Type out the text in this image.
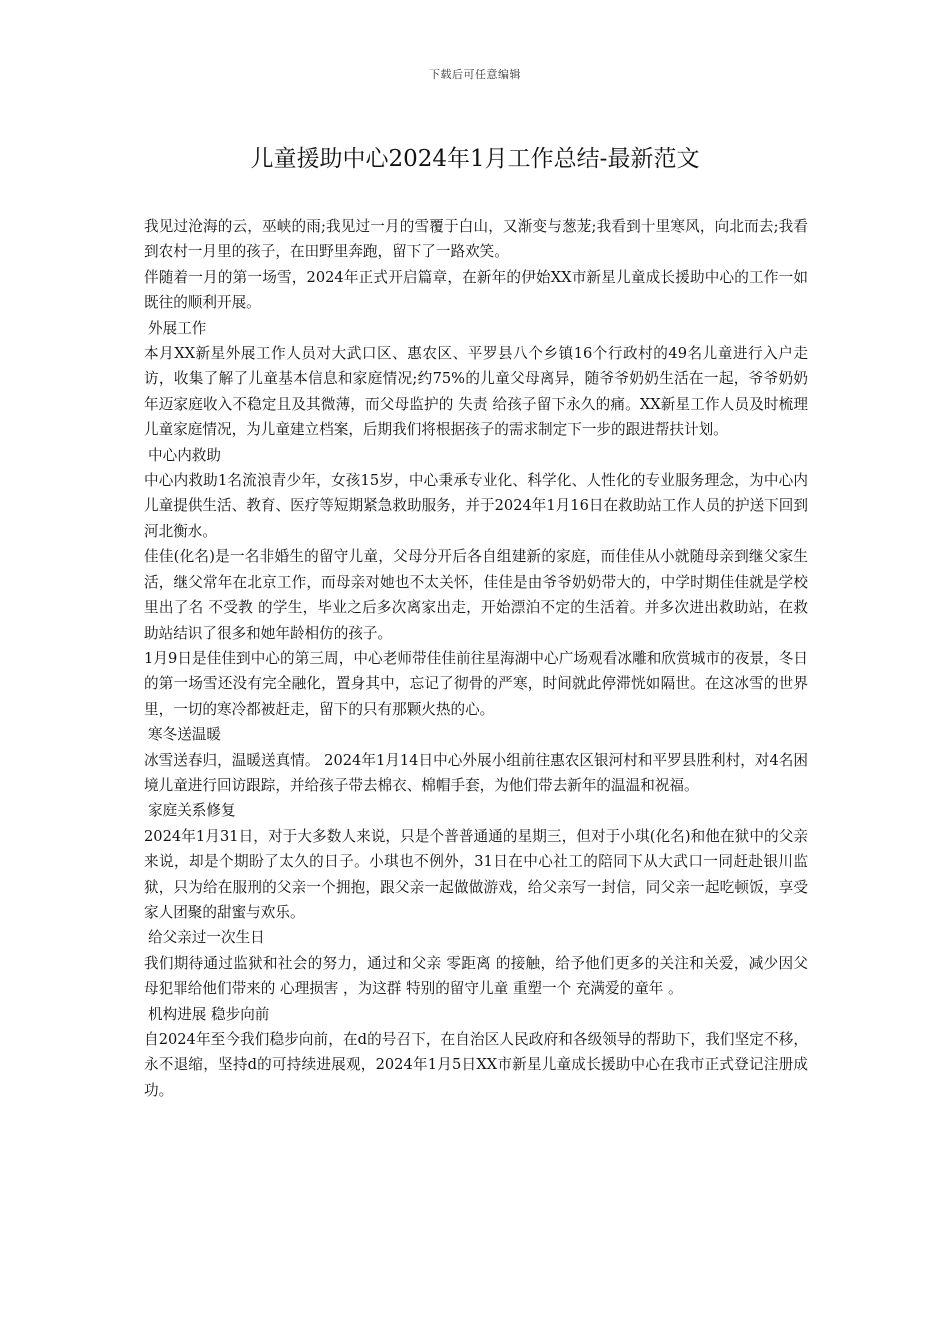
下载后可任意编辑
儿童援助中心2024年1月工作总结-最新范文

我见过沧海的云，巫峡的雨;我见过一月的雪覆于白山，又渐变与葱茏;我看到十里寒风，向北而去;我看到农村一月里的孩子，在田野里奔跑，留下了一路欢笑。

伴随着一月的第一场雪，2024年正式开启篇章，在新年的伊始XX市新星儿童成长援助中心的工作一如既往的顺利开展。

外展工作

本月XX新星外展工作人员对大武口区、惠农区、平罗县八个乡镇16个行政村的49名儿童进行入户走访，收集了解了儿童基本信息和家庭情况;约75%的儿童父母离异，随爷爷奶奶生活在一起，爷爷奶奶年迈家庭收入不稳定且及其微薄，而父母监护的 失责 给孩子留下永久的痛。XX新星工作人员及时梳理儿童家庭情况，为儿童建立档案，后期我们将根据孩子的需求制定下一步的跟进帮扶计划。

中心内救助

中心内救助1名流浪青少年，女孩15岁，中心秉承专业化、科学化、人性化的专业服务理念，为中心内儿童提供生活、教育、医疗等短期紧急救助服务，并于2024年1月16日在救助站工作人员的护送下回到河北衡水。

佳佳(化名)是一名非婚生的留守儿童，父母分开后各自组建新的家庭，而佳佳从小就随母亲到继父家生活，继父常年在北京工作，而母亲对她也不太关怀，佳佳是由爷爷奶奶带大的，中学时期佳佳就是学校里出了名 不受教 的学生，毕业之后多次离家出走，开始漂泊不定的生活着。并多次进出救助站，在救助站结识了很多和她年龄相仿的孩子。

1月9日是佳佳到中心的第三周，中心老师带佳佳前往星海湖中心广场观看冰雕和欣赏城市的夜景，冬日的第一场雪还没有完全融化，置身其中，忘记了彻骨的严寒，时间就此停滞恍如隔世。在这冰雪的世界里，一切的寒冷都被赶走，留下的只有那颗火热的心。

寒冬送温暖

冰雪送春归，温暖送真情。 2024年1月14日中心外展小组前往惠农区银河村和平罗县胜利村，对4名困境儿童进行回访跟踪，并给孩子带去棉衣、棉帽手套，为他们带去新年的温温和祝福。

家庭关系修复

2024年1月31日，对于大多数人来说，只是个普普通通的星期三，但对于小琪(化名)和他在狱中的父亲来说，却是个期盼了太久的日子。小琪也不例外，31日在中心社工的陪同下从大武口一同赶赴银川监狱，只为给在服刑的父亲一个拥抱，跟父亲一起做做游戏，给父亲写一封信，同父亲一起吃顿饭，享受家人团聚的甜蜜与欢乐。

给父亲过一次生日

我们期待通过监狱和社会的努力，通过和父亲 零距离 的接触，给予他们更多的关注和关爱，减少因父母犯罪给他们带来的 心理损害 ，为这群 特别的留守儿童 重塑一个 充满爱的童年 。

机构进展 稳步向前

自2024年至今我们稳步向前，在d的号召下，在自治区人民政府和各级领导的帮助下，我们坚定不移，永不退缩，坚持d的可持续进展观，2024年1月5日XX市新星儿童成长援助中心在我市正式登记注册成功。
